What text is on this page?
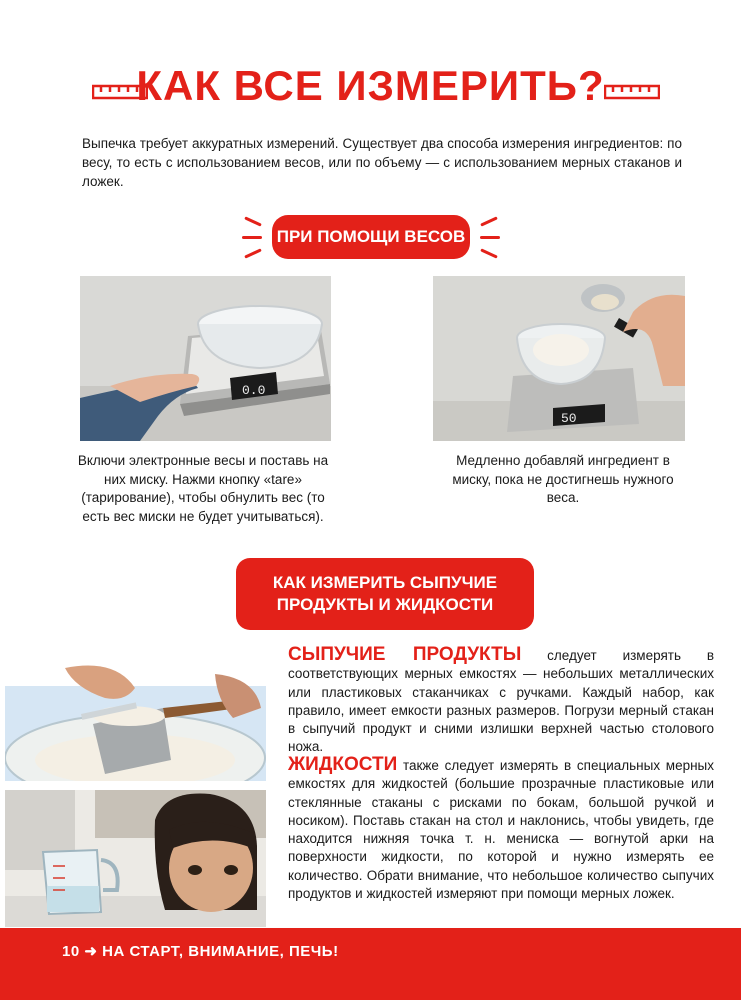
КАК ВСЕ ИЗМЕРИТЬ?
Выпечка требует аккуратных измерений. Существует два способа измерения ингредиентов: по весу, то есть с использованием весов, или по объему — с использованием мерных стаканов и ложек.
ПРИ ПОМОЩИ ВЕСОВ
0.0
50
Включи электронные весы и поставь на них миску. Нажми кнопку «tare» (тарирование), чтобы обнулить вес (то есть вес миски не будет учитываться).
Медленно добавляй ингредиент в миску, пока не достигнешь нужного веса.
КАК ИЗМЕРИТЬ СЫПУЧИЕ
ПРОДУКТЫ И ЖИДКОСТИ
СЫПУЧИЕ ПРОДУКТЫ следует измерять в соответствующих мерных емкостях — небольших металлических или пластиковых стаканчиках с ручками. Каждый набор, как правило, имеет емкости разных размеров. Погрузи мерный стакан в сыпучий продукт и сними излишки верхней частью столового ножа.
ЖИДКОСТИ также следует измерять в специальных мерных емкостях для жидкостей (большие прозрачные пластиковые или стеклянные стаканы с рисками по бокам, большой ручкой и носиком). Поставь стакан на стол и наклонись, чтобы увидеть, где находится нижняя точка т. н. мениска — вогнутой арки на поверхности жидкости, по которой и нужно измерять ее количество. Обрати внимание, что небольшое количество сыпучих продуктов и жидкостей измеряют при помощи мерных ложек.
10 ➜ НА СТАРТ, ВНИМАНИЕ, ПЕЧЬ!
